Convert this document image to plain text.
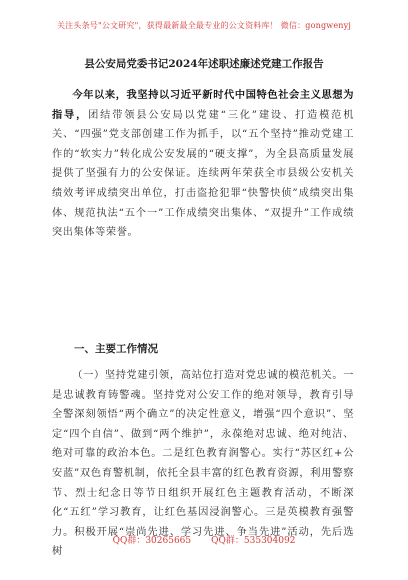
关注头条号"公文研究"，获得最新最全最专业的公文资料库！ 微信：gongwenyj
县公安局党委书记2024年述职述廉述党建工作报告
今年以来，我坚持以习近平新时代中国特色社会主义思想为指导，团结带领县公安局以党建“三化”建设、打造模范机关、“四强”党支部创建工作为抓手，以“五个坚持”推动党建工作的“软实力”转化成公安发展的“硬支撑”，为全县高质量发展提供了坚强有力的公安保证。连续两年荣获全市县级公安机关绩效考评成绩突出单位，打击盗抢犯罪“快警快侦”成绩突出集体、规范执法“五个一”工作成绩突出集体、“双提升”工作成绩突出集体等荣誉。
一、主要工作情况
（一）坚持党建引领，高站位打造对党忠诚的模范机关。一是忠诚教育铸警魂。坚持党对公安工作的绝对领导，教育引导全警深刻领悟“两个确立”的决定性意义，增强“四个意识”、坚定“四个自信”、做到“两个维护”，永葆绝对忠诚、绝对纯洁、绝对可靠的政治本色。二是红色教育润警心。实行“苏区红+公安蓝”双色育警机制，依托全县丰富的红色教育资源，利用警察节、烈士纪念日等节日组织开展红色主题教育活动，不断深化“五红”学习教育，让红色基因浸润警心。三是英模教育强警力。积极开展“崇尚先进、学习先进、争当先进”活动，先后选树
QQ群：30265665 QQ群：535304092
